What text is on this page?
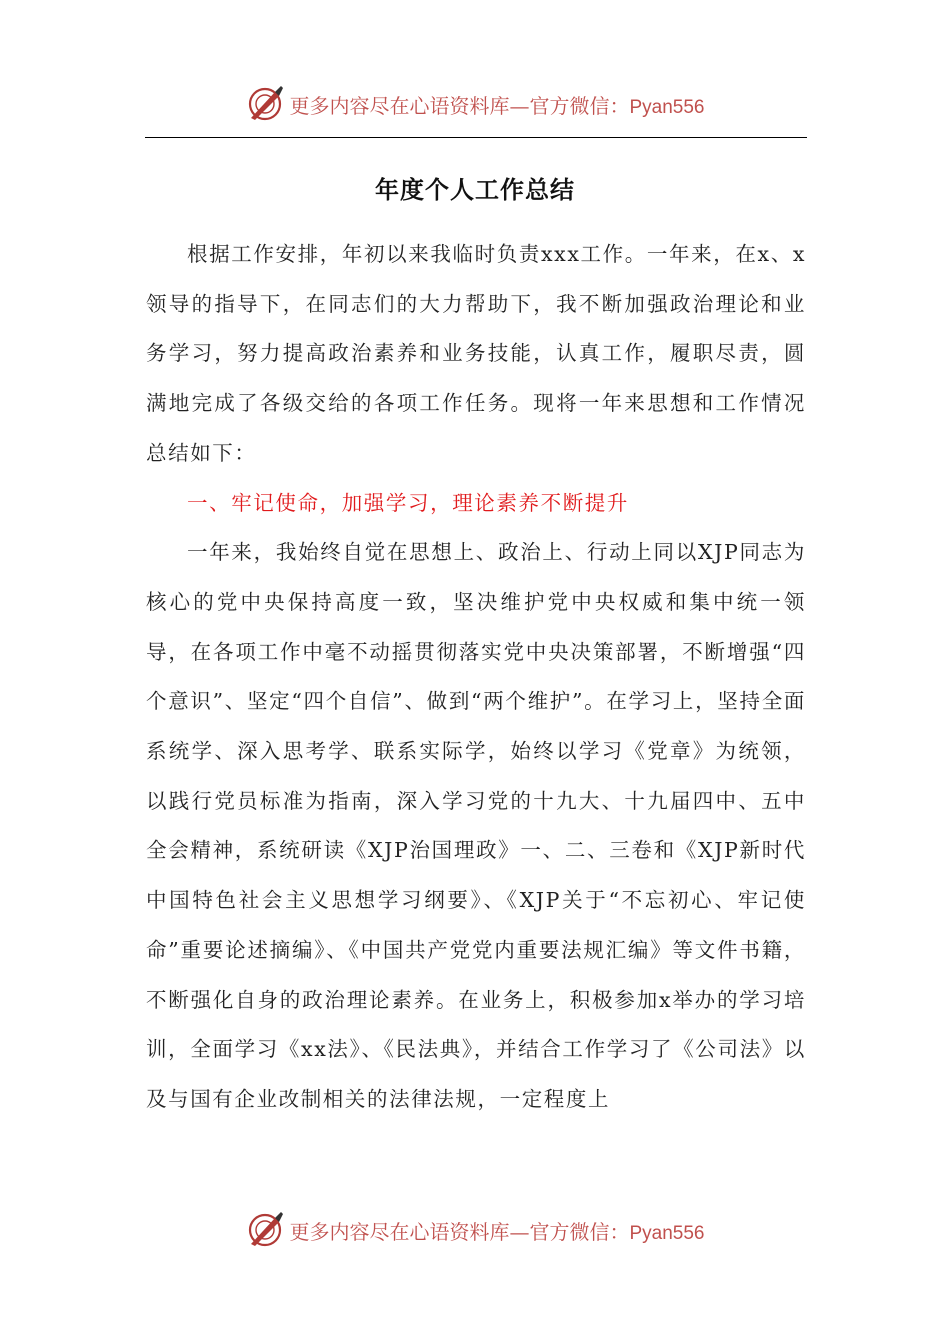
更多内容尽在心语资料库—官方微信：Pyan556
年度个人工作总结

根据工作安排，年初以来我临时负责xxx工作。一年来，在x、x领导的指导下，在同志们的大力帮助下，我不断加强政治理论和业务学习，努力提高政治素养和业务技能，认真工作，履职尽责，圆满地完成了各级交给的各项工作任务。现将一年来思想和工作情况总结如下：

一、牢记使命，加强学习，理论素养不断提升

一年来，我始终自觉在思想上、政治上、行动上同以XJP同志为核心的党中央保持高度一致，坚决维护党中央权威和集中统一领导，在各项工作中毫不动摇贯彻落实党中央决策部署，不断增强“四个意识”、坚定“四个自信”、做到“两个维护”。在学习上，坚持全面系统学、深入思考学、联系实际学，始终以学习《党章》为统领，以践行党员标准为指南，深入学习党的十九大、十九届四中、五中全会精神，系统研读《XJP治国理政》一、二、三卷和《XJP新时代中国特色社会主义思想学习纲要》、《XJP关于“不忘初心、牢记使命”重要论述摘编》、《中国共产党党内重要法规汇编》等文件书籍，不断强化自身的政治理论素养。在业务上，积极参加x举办的学习培训，全面学习《xx法》、《民法典》，并结合工作学习了《公司法》以及与国有企业改制相关的法律法规，一定程度上

更多内容尽在心语资料库—官方微信：Pyan556
